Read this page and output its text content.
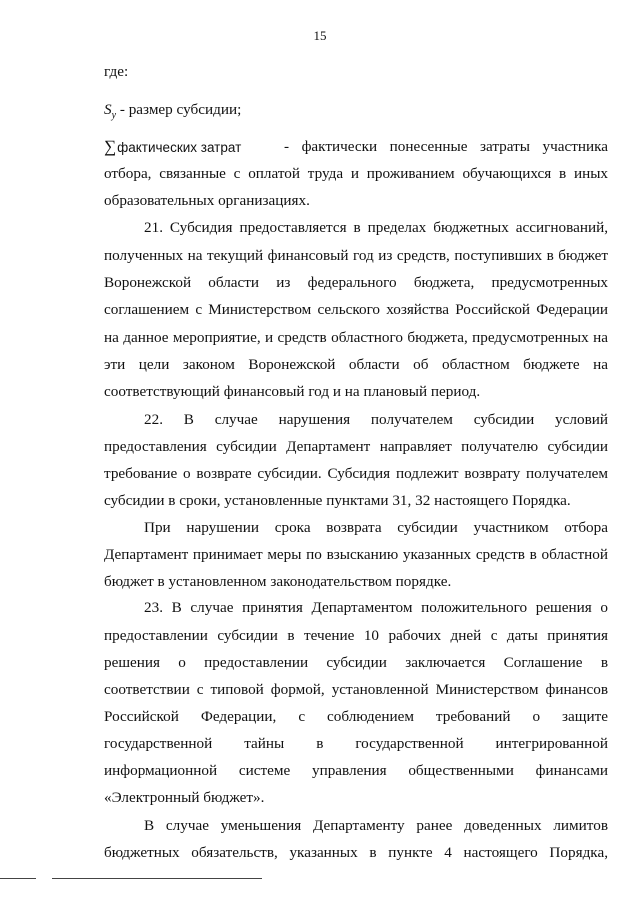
15
где:
$S_у$ - размер субсидии;
∑фактических затрат	- фактически понесенные затраты участника
отбора, связанные с оплатой труда и проживанием обучающихся в иных
образовательных организациях.
21. Субсидия предоставляется в пределах бюджетных ассигнований,
полученных на текущий финансовый год из средств, поступивших в бюджет
Воронежской области из федерального бюджета, предусмотренных
соглашением с Министерством сельского хозяйства Российской Федерации
на данное мероприятие, и средств областного бюджета, предусмотренных на
эти цели законом Воронежской области об областном бюджете на
соответствующий финансовый год и на плановый период.
22. В случае нарушения получателем субсидии условий
предоставления субсидии Департамент направляет получателю субсидии
требование о возврате субсидии. Субсидия подлежит возврату получателем
субсидии в сроки, установленные пунктами 31, 32 настоящего Порядка.
При нарушении срока возврата субсидии участником отбора
Департамент принимает меры по взысканию указанных средств в областной
бюджет в установленном законодательством порядке.
23. В случае принятия Департаментом положительного решения о
предоставлении субсидии в течение 10 рабочих дней с даты принятия
решения о предоставлении субсидии заключается Соглашение в
соответствии с типовой формой, установленной Министерством финансов
Российской Федерации, с соблюдением требований о защите
государственной тайны в государственной интегрированной
информационной системе управления общественными финансами
«Электронный бюджет».
В случае уменьшения Департаменту ранее доведенных лимитов
бюджетных обязательств, указанных в пункте 4 настоящего Порядка,
